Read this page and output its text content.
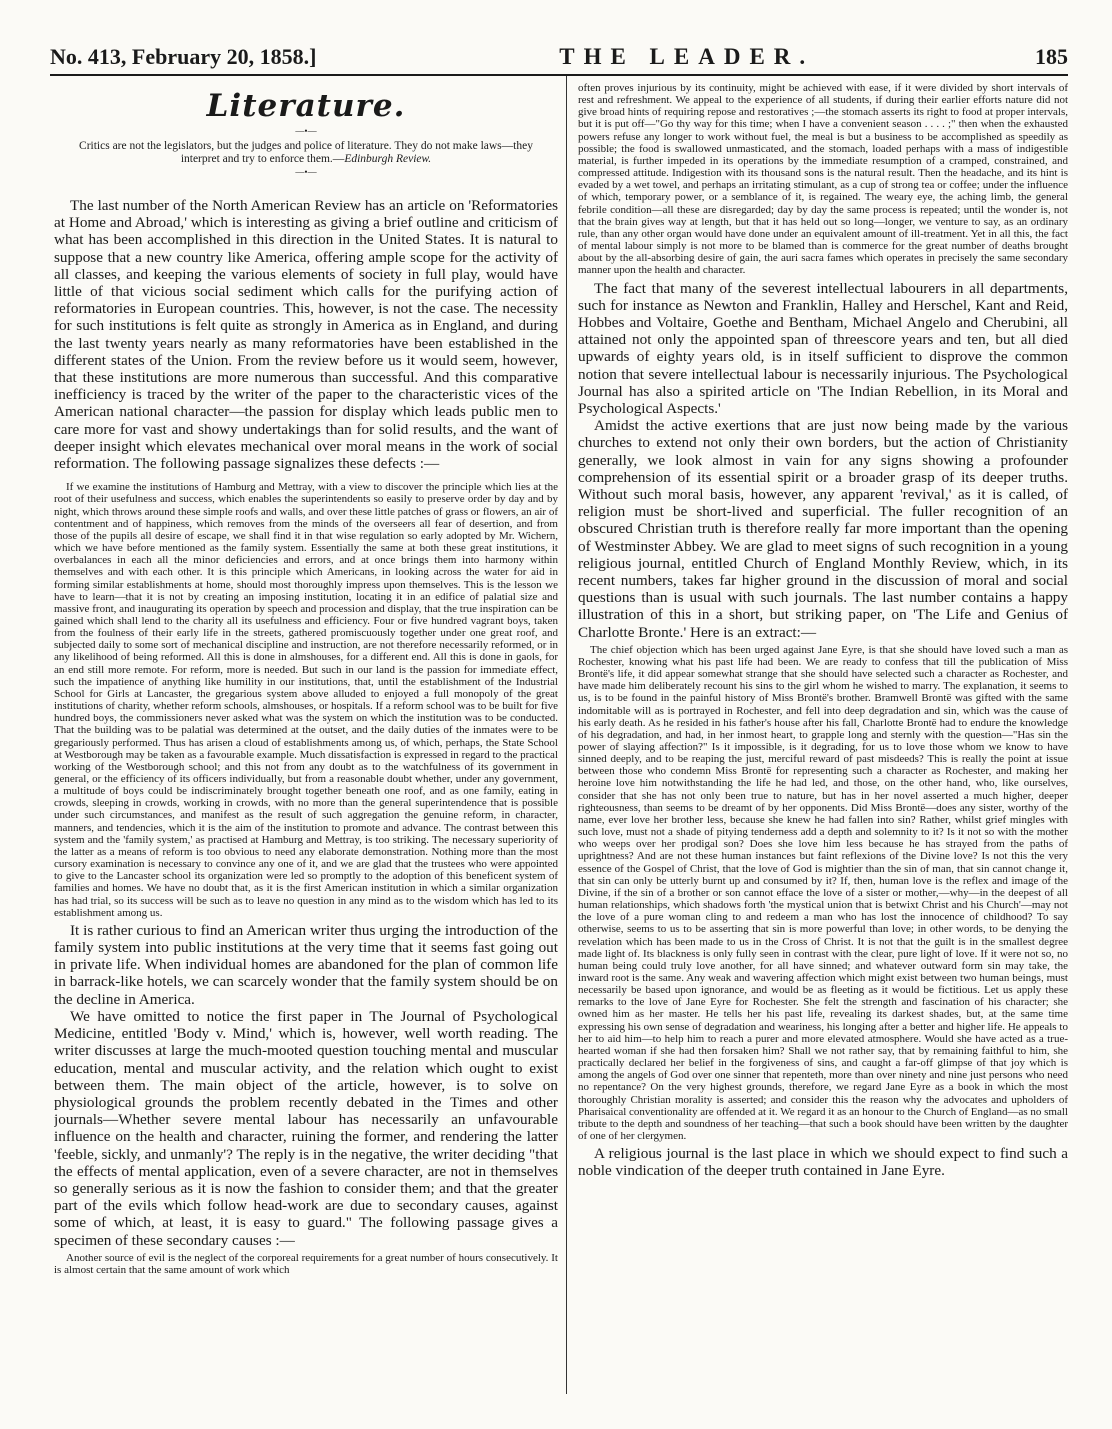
No. 413, February 20, 1858.]	THE LEADER.	185
Literature.
—•—

Critics are not the legislators, but the judges and police of literature. They do not make laws—they interpret and try to enforce them.—Edinburgh Review.

—•—

The last number of the North American Review has an article on 'Reformatories at Home and Abroad,' which is interesting as giving a brief outline and criticism of what has been accomplished in this direction in the United States. It is natural to suppose that a new country like America, offering ample scope for the activity of all classes, and keeping the various elements of society in full play, would have little of that vicious social sediment which calls for the purifying action of reformatories in European countries. This, however, is not the case. The necessity for such institutions is felt quite as strongly in America as in England, and during the last twenty years nearly as many reformatories have been established in the different states of the Union. From the review before us it would seem, however, that these institutions are more numerous than successful. And this comparative inefficiency is traced by the writer of the paper to the characteristic vices of the American national character—the passion for display which leads public men to care more for vast and showy undertakings than for solid results, and the want of deeper insight which elevates mechanical over moral means in the work of social reformation. The following passage signalizes these defects :—

If we examine the institutions of Hamburg and Mettray, with a view to discover the principle which lies at the root of their usefulness and success, which enables the superintendents so easily to preserve order by day and by night, which throws around these simple roofs and walls, and over these little patches of grass or flowers, an air of contentment and of happiness, which removes from the minds of the overseers all fear of desertion, and from those of the pupils all desire of escape, we shall find it in that wise regulation so early adopted by Mr. Wichern, which we have before mentioned as the family system. Essentially the same at both these great institutions, it overbalances in each all the minor deficiencies and errors, and at once brings them into harmony within themselves and with each other. It is this principle which Americans, in looking across the water for aid in forming similar establishments at home, should most thoroughly impress upon themselves. This is the lesson we have to learn—that it is not by creating an imposing institution, locating it in an edifice of palatial size and massive front, and inaugurating its operation by speech and procession and display, that the true inspiration can be gained which shall lend to the charity all its usefulness and efficiency. Four or five hundred vagrant boys, taken from the foulness of their early life in the streets, gathered promiscuously together under one great roof, and subjected daily to some sort of mechanical discipline and instruction, are not therefore necessarily reformed, or in any likelihood of being reformed. All this is done in almshouses, for a different end. All this is done in gaols, for an end still more remote. For reform, more is needed. But such in our land is the passion for immediate effect, such the impatience of anything like humility in our institutions, that, until the establishment of the Industrial School for Girls at Lancaster, the gregarious system above alluded to enjoyed a full monopoly of the great institutions of charity, whether reform schools, almshouses, or hospitals. If a reform school was to be built for five hundred boys, the commissioners never asked what was the system on which the institution was to be conducted. That the building was to be palatial was determined at the outset, and the daily duties of the inmates were to be gregariously performed. Thus has arisen a cloud of establishments among us, of which, perhaps, the State School at Westborough may be taken as a favourable example. Much dissatisfaction is expressed in regard to the practical working of the Westborough school; and this not from any doubt as to the watchfulness of its government in general, or the efficiency of its officers individually, but from a reasonable doubt whether, under any government, a multitude of boys could be indiscriminately brought together beneath one roof, and as one family, eating in crowds, sleeping in crowds, working in crowds, with no more than the general superintendence that is possible under such circumstances, and manifest as the result of such aggregation the genuine reform, in character, manners, and tendencies, which it is the aim of the institution to promote and advance. The contrast between this system and the 'family system,' as practised at Hamburg and Mettray, is too striking. The necessary superiority of the latter as a means of reform is too obvious to need any elaborate demonstration. Nothing more than the most cursory examination is necessary to convince any one of it, and we are glad that the trustees who were appointed to give to the Lancaster school its organization were led so promptly to the adoption of this beneficent system of families and homes. We have no doubt that, as it is the first American institution in which a similar organization has had trial, so its success will be such as to leave no question in any mind as to the wisdom which has led to its establishment among us.

It is rather curious to find an American writer thus urging the introduction of the family system into public institutions at the very time that it seems fast going out in private life. When individual homes are abandoned for the plan of common life in barrack-like hotels, we can scarcely wonder that the family system should be on the decline in America.

We have omitted to notice the first paper in The Journal of Psychological Medicine, entitled 'Body v. Mind,' which is, however, well worth reading. The writer discusses at large the much-mooted question touching mental and muscular education, mental and muscular activity, and the relation which ought to exist between them. The main object of the article, however, is to solve on physiological grounds the problem recently debated in the Times and other journals—Whether severe mental labour has necessarily an unfavourable influence on the health and character, ruining the former, and rendering the latter 'feeble, sickly, and unmanly'? The reply is in the negative, the writer deciding "that the effects of mental application, even of a severe character, are not in themselves so generally serious as it is now the fashion to consider them; and that the greater part of the evils which follow head-work are due to secondary causes, against some of which, at least, it is easy to guard." The following passage gives a specimen of these secondary causes :—

Another source of evil is the neglect of the corporeal requirements for a great number of hours consecutively. It is almost certain that the same amount of work which

often proves injurious by its continuity, might be achieved with ease, if it were divided by short intervals of rest and refreshment. We appeal to the experience of all students, if during their earlier efforts nature did not give broad hints of requiring repose and restoratives ;—the stomach asserts its right to food at proper intervals, but it is put off—"Go thy way for this time; when I have a convenient season . . . . ;" then when the exhausted powers refuse any longer to work without fuel, the meal is but a business to be accomplished as speedily as possible; the food is swallowed unmasticated, and the stomach, loaded perhaps with a mass of indigestible material, is further impeded in its operations by the immediate resumption of a cramped, constrained, and compressed attitude. Indigestion with its thousand sons is the natural result. Then the headache, and its hint is evaded by a wet towel, and perhaps an irritating stimulant, as a cup of strong tea or coffee; under the influence of which, temporary power, or a semblance of it, is regained. The weary eye, the aching limb, the general febrile condition—all these are disregarded; day by day the same process is repeated; until the wonder is, not that the brain gives way at length, but that it has held out so long—longer, we venture to say, as an ordinary rule, than any other organ would have done under an equivalent amount of ill-treatment. Yet in all this, the fact of mental labour simply is not more to be blamed than is commerce for the great number of deaths brought about by the all-absorbing desire of gain, the auri sacra fames which operates in precisely the same secondary manner upon the health and character.

The fact that many of the severest intellectual labourers in all departments, such for instance as Newton and Franklin, Halley and Herschel, Kant and Reid, Hobbes and Voltaire, Goethe and Bentham, Michael Angelo and Cherubini, all attained not only the appointed span of threescore years and ten, but all died upwards of eighty years old, is in itself sufficient to disprove the common notion that severe intellectual labour is necessarily injurious. The Psychological Journal has also a spirited article on 'The Indian Rebellion, in its Moral and Psychological Aspects.'

Amidst the active exertions that are just now being made by the various churches to extend not only their own borders, but the action of Christianity generally, we look almost in vain for any signs showing a profounder comprehension of its essential spirit or a broader grasp of its deeper truths. Without such moral basis, however, any apparent 'revival,' as it is called, of religion must be short-lived and superficial. The fuller recognition of an obscured Christian truth is therefore really far more important than the opening of Westminster Abbey. We are glad to meet signs of such recognition in a young religious journal, entitled Church of England Monthly Review, which, in its recent numbers, takes far higher ground in the discussion of moral and social questions than is usual with such journals. The last number contains a happy illustration of this in a short, but striking paper, on 'The Life and Genius of Charlotte Bronte.' Here is an extract:—

The chief objection which has been urged against Jane Eyre, is that she should have loved such a man as Rochester, knowing what his past life had been. We are ready to confess that till the publication of Miss Brontë's life, it did appear somewhat strange that she should have selected such a character as Rochester, and have made him deliberately recount his sins to the girl whom he wished to marry. The explanation, it seems to us, is to be found in the painful history of Miss Brontë's brother. Bramwell Brontë was gifted with the same indomitable will as is portrayed in Rochester, and fell into deep degradation and sin, which was the cause of his early death. As he resided in his father's house after his fall, Charlotte Brontë had to endure the knowledge of his degradation, and had, in her inmost heart, to grapple long and sternly with the question—"Has sin the power of slaying affection?" Is it impossible, is it degrading, for us to love those whom we know to have sinned deeply, and to be reaping the just, merciful reward of past misdeeds? This is really the point at issue between those who condemn Miss Brontë for representing such a character as Rochester, and making her heroine love him notwithstanding the life he had led, and those, on the other hand, who, like ourselves, consider that she has not only been true to nature, but has in her novel asserted a much higher, deeper righteousness, than seems to be dreamt of by her opponents. Did Miss Brontë—does any sister, worthy of the name, ever love her brother less, because she knew he had fallen into sin? Rather, whilst grief mingles with such love, must not a shade of pitying tenderness add a depth and solemnity to it? Is it not so with the mother who weeps over her prodigal son? Does she love him less because he has strayed from the paths of uprightness? And are not these human instances but faint reflexions of the Divine love? Is not this the very essence of the Gospel of Christ, that the love of God is mightier than the sin of man, that sin cannot change it, that sin can only be utterly burnt up and consumed by it? If, then, human love is the reflex and image of the Divine, if the sin of a brother or son cannot efface the love of a sister or mother,—why—in the deepest of all human relationships, which shadows forth 'the mystical union that is betwixt Christ and his Church'—may not the love of a pure woman cling to and redeem a man who has lost the innocence of childhood? To say otherwise, seems to us to be asserting that sin is more powerful than love; in other words, to be denying the revelation which has been made to us in the Cross of Christ. It is not that the guilt is in the smallest degree made light of. Its blackness is only fully seen in contrast with the clear, pure light of love. If it were not so, no human being could truly love another, for all have sinned; and whatever outward form sin may take, the inward root is the same. Any weak and wavering affection which might exist between two human beings, must necessarily be based upon ignorance, and would be as fleeting as it would be fictitious. Let us apply these remarks to the love of Jane Eyre for Rochester. She felt the strength and fascination of his character; she owned him as her master. He tells her his past life, revealing its darkest shades, but, at the same time expressing his own sense of degradation and weariness, his longing after a better and higher life. He appeals to her to aid him—to help him to reach a purer and more elevated atmosphere. Would she have acted as a true-hearted woman if she had then forsaken him? Shall we not rather say, that by remaining faithful to him, she practically declared her belief in the forgiveness of sins, and caught a far-off glimpse of that joy which is among the angels of God over one sinner that repenteth, more than over ninety and nine just persons who need no repentance? On the very highest grounds, therefore, we regard Jane Eyre as a book in which the most thoroughly Christian morality is asserted; and consider this the reason why the advocates and upholders of Pharisaical conventionality are offended at it. We regard it as an honour to the Church of England—as no small tribute to the depth and soundness of her teaching—that such a book should have been written by the daughter of one of her clergymen.

A religious journal is the last place in which we should expect to find such a noble vindication of the deeper truth contained in Jane Eyre.
